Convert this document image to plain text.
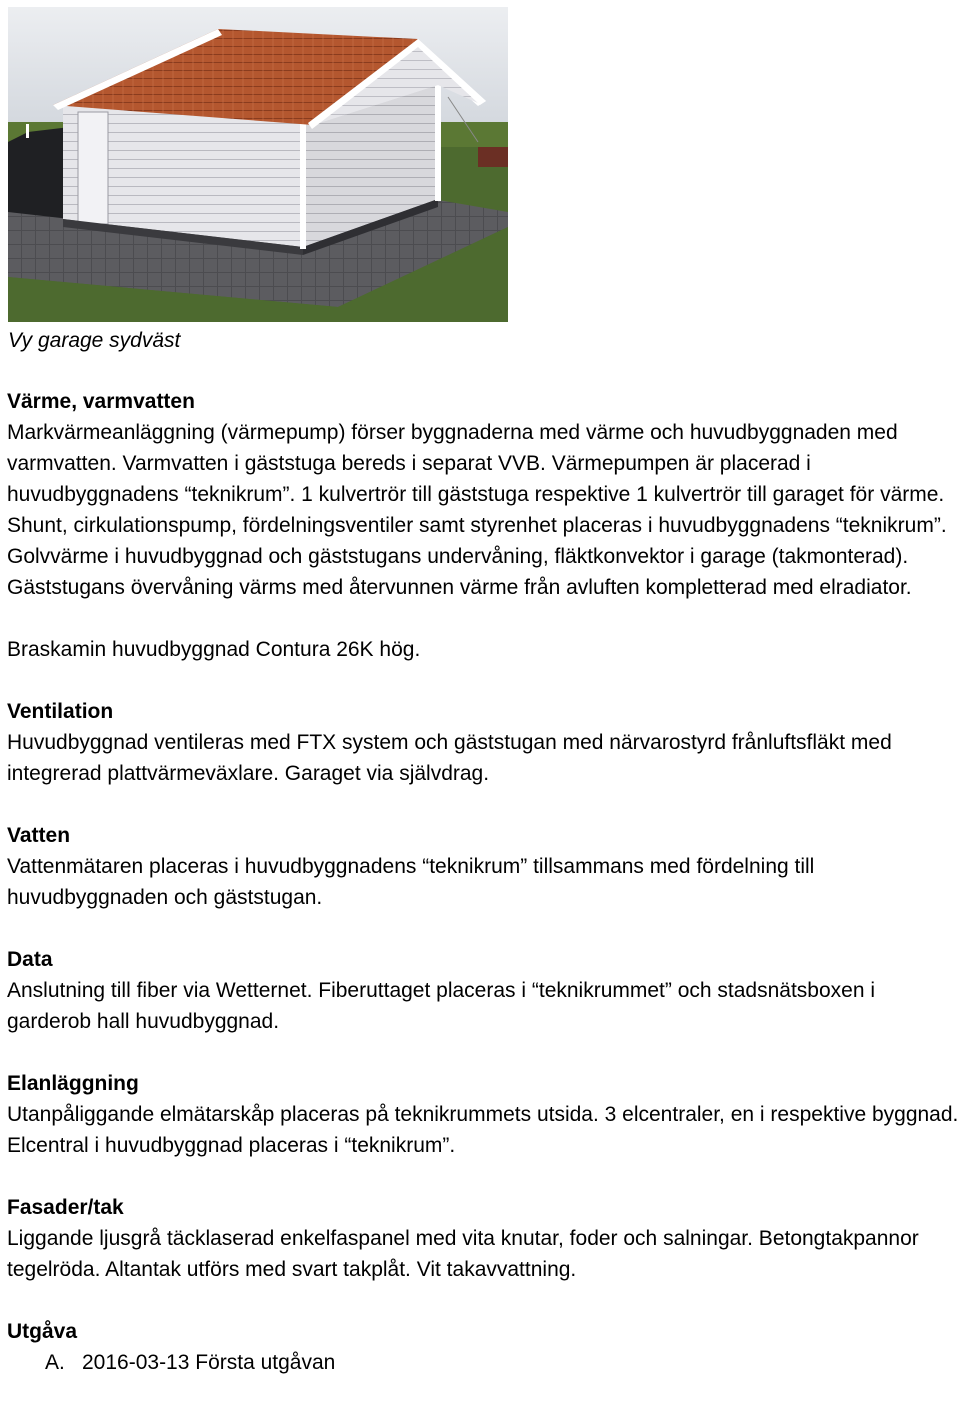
Vy garage sydväst
Värme, varmvatten
Markvärmeanläggning (värmepump) förser byggnaderna med värme och huvudbyggnaden med varmvatten. Varmvatten i gäststuga bereds i separat VVB. Värmepumpen är placerad i huvudbyggnadens “teknikrum”. 1 kulvertrör till gäststuga respektive 1 kulvertrör till garaget för värme. Shunt, cirkulationspump, fördelningsventiler samt styrenhet placeras i huvudbyggnadens “teknikrum”. Golvvärme i huvudbyggnad och gäststugans undervåning, fläktkonvektor i garage (takmonterad). Gäststugans övervåning värms med återvunnen värme från avluften kompletterad med elradiator.
Braskamin huvudbyggnad Contura 26K hög.
Ventilation
Huvudbyggnad ventileras med FTX system och gäststugan med närvarostyrd frånluftsfläkt med integrerad plattvärmeväxlare. Garaget via självdrag.
Vatten
Vattenmätaren placeras i huvudbyggnadens “teknikrum” tillsammans med fördelning till huvudbyggnaden och gäststugan.
Data
Anslutning till fiber via Wetternet. Fiberuttaget placeras i “teknikrummet” och stadsnätsboxen i garderob hall huvudbyggnad.
Elanläggning
Utanpåliggande elmätarskåp placeras på teknikrummets utsida. 3 elcentraler, en i respektive byggnad. Elcentral i huvudbyggnad placeras i “teknikrum”.
Fasader/tak
Liggande ljusgrå täcklaserad enkelfaspanel med vita knutar, foder och salningar. Betongtakpannor tegelröda. Altantak utförs med svart takplåt. Vit takavvattning.
Utgåva
A. 2016-03-13 Första utgåvan
